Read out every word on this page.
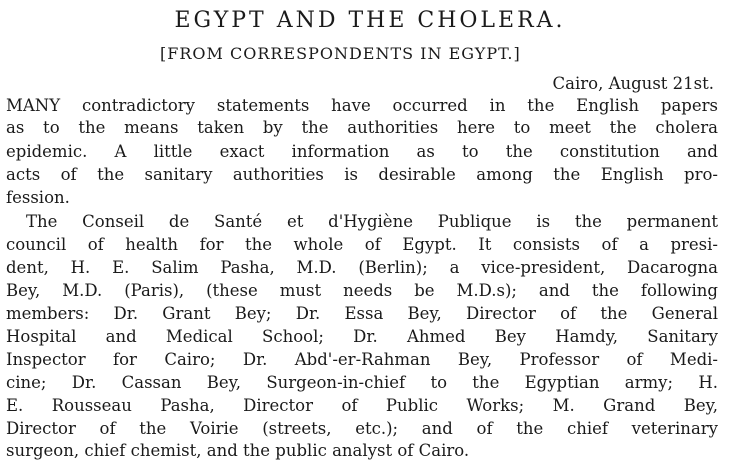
EGYPT AND THE CHOLERA.
[FROM CORRESPONDENTS IN EGYPT.]
Cairo, August 21st.
MANY contradictory statements have occurred in the English papers
as to the means taken by the authorities here to meet the cholera
epidemic. A little exact information as to the constitution and
acts of the sanitary authorities is desirable among the English pro-
fession.
The Conseil de Santé et d'Hygiène Publique is the permanent
council of health for the whole of Egypt. It consists of a presi-
dent, H. E. Salim Pasha, M.D. (Berlin); a vice-president, Dacarogna
Bey, M.D. (Paris), (these must needs be M.D.s); and the following
members: Dr. Grant Bey; Dr. Essa Bey, Director of the General
Hospital and Medical School; Dr. Ahmed Bey Hamdy, Sanitary
Inspector for Cairo; Dr. Abd'-er-Rahman Bey, Professor of Medi-
cine; Dr. Cassan Bey, Surgeon-in-chief to the Egyptian army; H.
E. Rousseau Pasha, Director of Public Works; M. Grand Bey,
Director of the Voirie (streets, etc.); and of the chief veterinary
surgeon, chief chemist, and the public analyst of Cairo.
